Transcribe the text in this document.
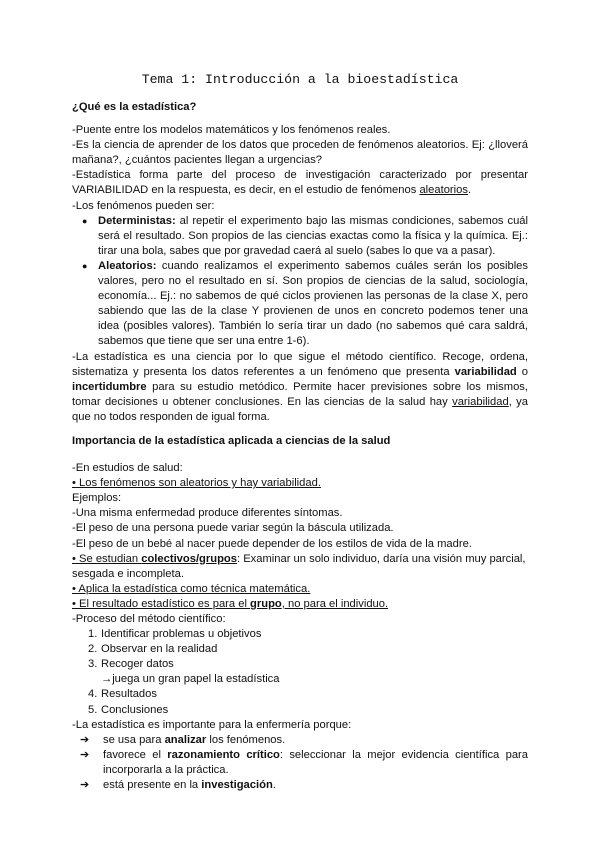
Tema 1: Introducción a la bioestadística

¿Qué es la estadística?

-Puente entre los modelos matemáticos y los fenómenos reales.

-Es la ciencia de aprender de los datos que proceden de fenómenos aleatorios. Ej: ¿lloverá mañana?, ¿cuántos pacientes llegan a urgencias?

-Estadística forma parte del proceso de investigación caracterizado por presentar VARIABILIDAD en la respuesta, es decir, en el estudio de fenómenos aleatorios.

-Los fenómenos pueden ser:

● Deterministas: al repetir el experimento bajo las mismas condiciones, sabemos cuál será el resultado. Son propios de las ciencias exactas como la física y la química. Ej.: tirar una bola, sabes que por gravedad caerá al suelo (sabes lo que va a pasar).
● Aleatorios: cuando realizamos el experimento sabemos cuáles serán los posibles valores, pero no el resultado en sí. Son propios de ciencias de la salud, sociología, economía... Ej.: no sabemos de qué ciclos provienen las personas de la clase X, pero sabiendo que las de la clase Y provienen de unos en concreto podemos tener una idea (posibles valores). También lo sería tirar un dado (no sabemos qué cara saldrá, sabemos que tiene que ser una entre 1-6).

-La estadística es una ciencia por lo que sigue el método científico. Recoge, ordena, sistematiza y presenta los datos referentes a un fenómeno que presenta variabilidad o incertidumbre para su estudio metódico. Permite hacer previsiones sobre los mismos, tomar decisiones u obtener conclusiones. En las ciencias de la salud hay variabilidad, ya que no todos responden de igual forma.

Importancia de la estadística aplicada a ciencias de la salud

-En estudios de salud:

• Los fenómenos son aleatorios y hay variabilidad.

Ejemplos:

-Una misma enfermedad produce diferentes síntomas.

-El peso de una persona puede variar según la báscula utilizada.

-El peso de un bebé al nacer puede depender de los estilos de vida de la madre.

• Se estudian colectivos/grupos: Examinar un solo individuo, daría una visión muy parcial, sesgada e incompleta.

• Aplica la estadística como técnica matemática.

• El resultado estadístico es para el grupo, no para el individuo.

-Proceso del método científico:

1. Identificar problemas u objetivos
2. Observar en la realidad
3. Recoger datos
→juega un gran papel la estadística
4. Resultados
5. Conclusiones

-La estadística es importante para la enfermería porque:

➔ se usa para analizar los fenómenos.
➔ favorece el razonamiento crítico: seleccionar la mejor evidencia científica para incorporarla a la práctica.
➔ está presente en la investigación.
